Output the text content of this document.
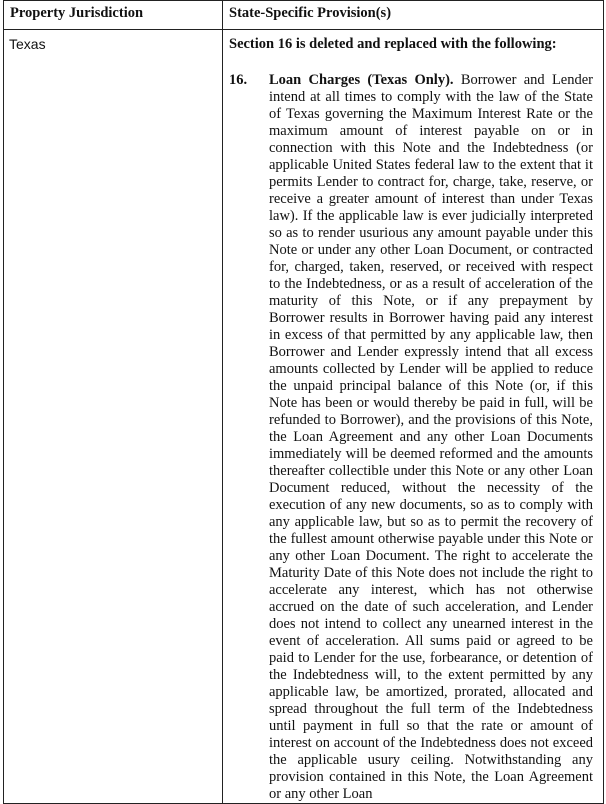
Property Jurisdiction	State-Specific Provision(s)
Texas	Section 16 is deleted and replaced with the following:
16. Loan Charges (Texas Only). Borrower and Lender intend at all times to comply with the law of the State of Texas governing the Maximum Interest Rate or the maximum amount of interest payable on or in connection with this Note and the Indebtedness (or applicable United States federal law to the extent that it permits Lender to contract for, charge, take, reserve, or receive a greater amount of interest than under Texas law). If the applicable law is ever judicially interpreted so as to render usurious any amount payable under this Note or under any other Loan Document, or contracted for, charged, taken, reserved, or received with respect to the Indebtedness, or as a result of acceleration of the maturity of this Note, or if any prepayment by Borrower results in Borrower having paid any interest in excess of that permitted by any applicable law, then Borrower and Lender expressly intend that all excess amounts collected by Lender will be applied to reduce the unpaid principal balance of this Note (or, if this Note has been or would thereby be paid in full, will be refunded to Borrower), and the provisions of this Note, the Loan Agreement and any other Loan Documents immediately will be deemed reformed and the amounts thereafter collectible under this Note or any other Loan Document reduced, without the necessity of the execution of any new documents, so as to comply with any applicable law, but so as to permit the recovery of the fullest amount otherwise payable under this Note or any other Loan Document. The right to accelerate the Maturity Date of this Note does not include the right to accelerate any interest, which has not otherwise accrued on the date of such acceleration, and Lender does not intend to collect any unearned interest in the event of acceleration. All sums paid or agreed to be paid to Lender for the use, forbearance, or detention of the Indebtedness will, to the extent permitted by any applicable law, be amortized, prorated, allocated and spread throughout the full term of the Indebtedness until payment in full so that the rate or amount of interest on account of the Indebtedness does not exceed the applicable usury ceiling. Notwithstanding any provision contained in this Note, the Loan Agreement or any other Loan
